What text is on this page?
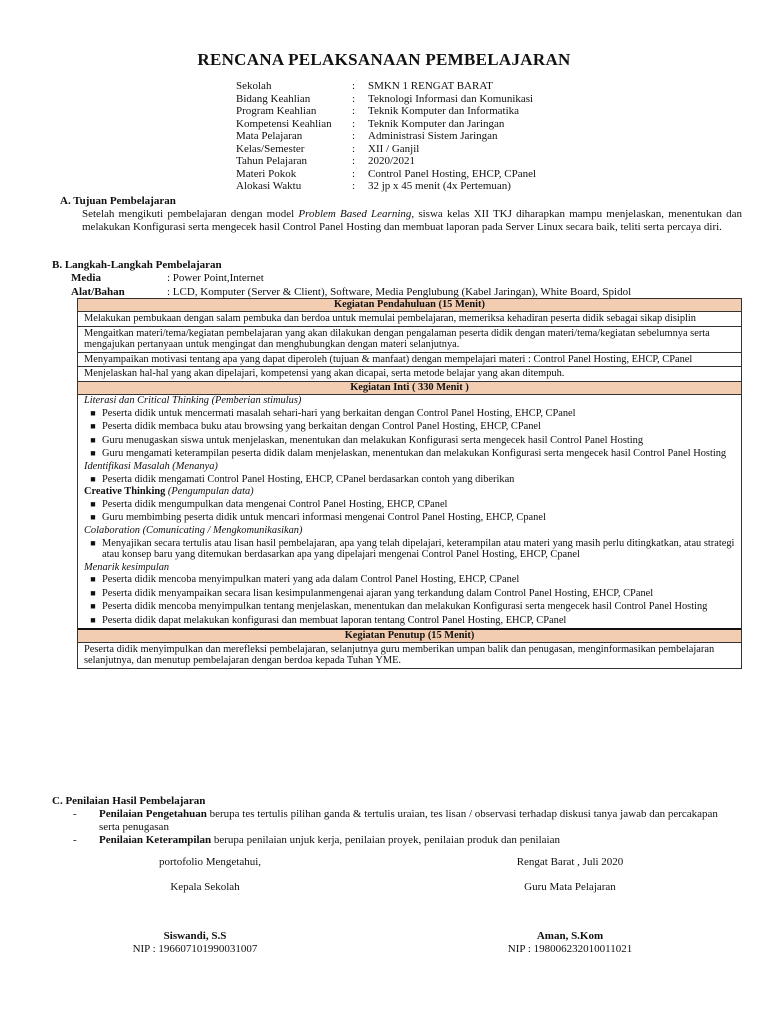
RENCANA PELAKSANAAN PEMBELAJARAN
Sekolah	:	SMKN 1 RENGAT BARAT
Bidang Keahlian	:	Teknologi Informasi dan Komunikasi
Program Keahlian	:	Teknik Komputer dan Informatika
Kompetensi Keahlian	:	Teknik Komputer dan Jaringan
Mata Pelajaran	:	Administrasi Sistem Jaringan
Kelas/Semester	:	XII / Ganjil
Tahun Pelajaran	:	2020/2021
Materi Pokok	:	Control Panel Hosting, EHCP, CPanel
Alokasi Waktu	:	32 jp x 45 menit (4x Pertemuan)
A. Tujuan Pembelajaran
Setelah mengikuti pembelajaran dengan model Problem Based Learning, siswa kelas XII TKJ diharapkan mampu menjelaskan, menentukan dan melakukan Konfigurasi serta mengecek hasil Control Panel Hosting dan membuat laporan pada Server Linux secara baik, teliti serta percaya diri.
B. Langkah-Langkah Pembelajaran
Media	: Power Point,Internet
Alat/Bahan	: LCD, Komputer (Server & Client), Software, Media Penglubung (Kabel Jaringan), White Board, Spidol
Kegiatan Pendahuluan (15 Menit)
Melakukan pembukaan dengan salam pembuka dan berdoa untuk memulai pembelajaran, memeriksa kehadiran peserta didik sebagai sikap disiplin
Mengaitkan materi/tema/kegiatan pembelajaran yang akan dilakukan dengan pengalaman peserta didik dengan materi/tema/kegiatan sebelumnya serta mengajukan pertanyaan untuk mengingat dan menghubungkan dengan materi selanjutnya.
Menyampaikan motivasi tentang apa yang dapat diperoleh (tujuan & manfaat) dengan mempelajari materi : Control Panel Hosting, EHCP, CPanel
Menjelaskan hal-hal yang akan dipelajari, kompetensi yang akan dicapai, serta metode belajar yang akan ditempuh.
Kegiatan Inti ( 330 Menit )
Literasi dan Critical Thinking (Pemberian stimulus)
■ Peserta didik untuk mencermati masalah sehari-hari yang berkaitan dengan Control Panel Hosting, EHCP, CPanel
■ Peserta didik membaca buku atau browsing yang berkaitan dengan Control Panel Hosting, EHCP, CPanel
■ Guru menugaskan siswa untuk menjelaskan, menentukan dan melakukan Konfigurasi serta mengecek hasil Control Panel Hosting
■ Guru mengamati keterampilan peserta didik dalam menjelaskan, menentukan dan melakukan Konfigurasi serta mengecek hasil Control Panel Hosting
Identifikasi Masalah (Menanya)
■ Peserta didik mengamati Control Panel Hosting, EHCP, CPanel berdasarkan contoh yang diberikan
Creative Thinking (Pengumpulan data)
■ Peserta didik mengumpulkan data mengenai Control Panel Hosting, EHCP, CPanel
■ Guru membimbing peserta didik untuk mencari informasi mengenai Control Panel Hosting, EHCP, Cpanel
Colaboration (Comunicating / Mengkomunikasikan)
■ Menyajikan secara tertulis atau lisan hasil pembelajaran, apa yang telah dipelajari, keterampilan atau materi yang masih perlu ditingkatkan, atau strategi atau konsep baru yang ditemukan berdasarkan apa yang dipelajari mengenai Control Panel Hosting, EHCP, Cpanel
Menarik kesimpulan
■ Peserta didik mencoba menyimpulkan materi yang ada dalam Control Panel Hosting, EHCP, CPanel
■ Peserta didik menyampaikan secara lisan kesimpulanmengenai ajaran yang terkandung dalam Control Panel Hosting, EHCP, CPanel
■ Peserta didik mencoba menyimpulkan tentang menjelaskan, menentukan dan melakukan Konfigurasi serta mengecek hasil Control Panel Hosting
■ Peserta didik dapat melakukan konfigurasi dan membuat laporan tentang Control Panel Hosting, EHCP, CPanel
Kegiatan Penutup (15 Menit)
Peserta didik menyimpulkan dan merefleksi pembelajaran, selanjutnya guru memberikan umpan balik dan penugasan, menginformasikan pembelajaran selanjutnya, dan menutup pembelajaran dengan berdoa kepada Tuhan YME.
C. Penilaian Hasil Pembelajaran
-	Penilaian Pengetahuan berupa tes tertulis pilihan ganda & tertulis uraian, tes lisan / observasi terhadap diskusi tanya jawab dan percakapan serta penugasan
-	Penilaian Keterampilan berupa penilaian unjuk kerja, penilaian proyek, penilaian produk dan penilaian
portofolio Mengetahui,
Kepala Sekolah
Siswandi, S.S
NIP : 196607101990031007
Rengat Barat , Juli 2020
Guru Mata Pelajaran
Aman, S.Kom
NIP : 198006232010011021
